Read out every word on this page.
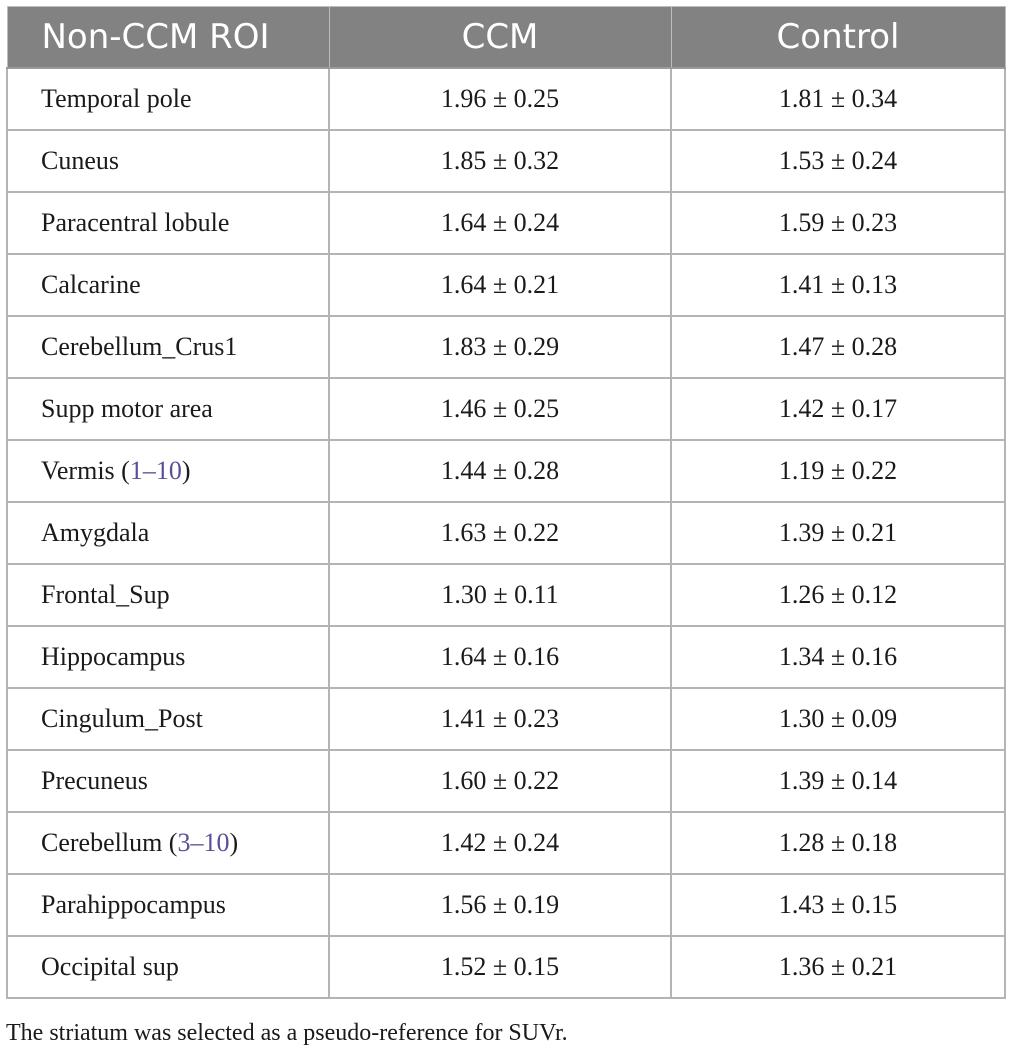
Non-CCM ROI	CCM	Control
Temporal pole	1.96 ± 0.25	1.81 ± 0.34
Cuneus	1.85 ± 0.32	1.53 ± 0.24
Paracentral lobule	1.64 ± 0.24	1.59 ± 0.23
Calcarine	1.64 ± 0.21	1.41 ± 0.13
Cerebellum_Crus1	1.83 ± 0.29	1.47 ± 0.28
Supp motor area	1.46 ± 0.25	1.42 ± 0.17
Vermis (1–10)	1.44 ± 0.28	1.19 ± 0.22
Amygdala	1.63 ± 0.22	1.39 ± 0.21
Frontal_Sup	1.30 ± 0.11	1.26 ± 0.12
Hippocampus	1.64 ± 0.16	1.34 ± 0.16
Cingulum_Post	1.41 ± 0.23	1.30 ± 0.09
Precuneus	1.60 ± 0.22	1.39 ± 0.14
Cerebellum (3–10)	1.42 ± 0.24	1.28 ± 0.18
Parahippocampus	1.56 ± 0.19	1.43 ± 0.15
Occipital sup	1.52 ± 0.15	1.36 ± 0.21
The striatum was selected as a pseudo-reference for SUVr.
